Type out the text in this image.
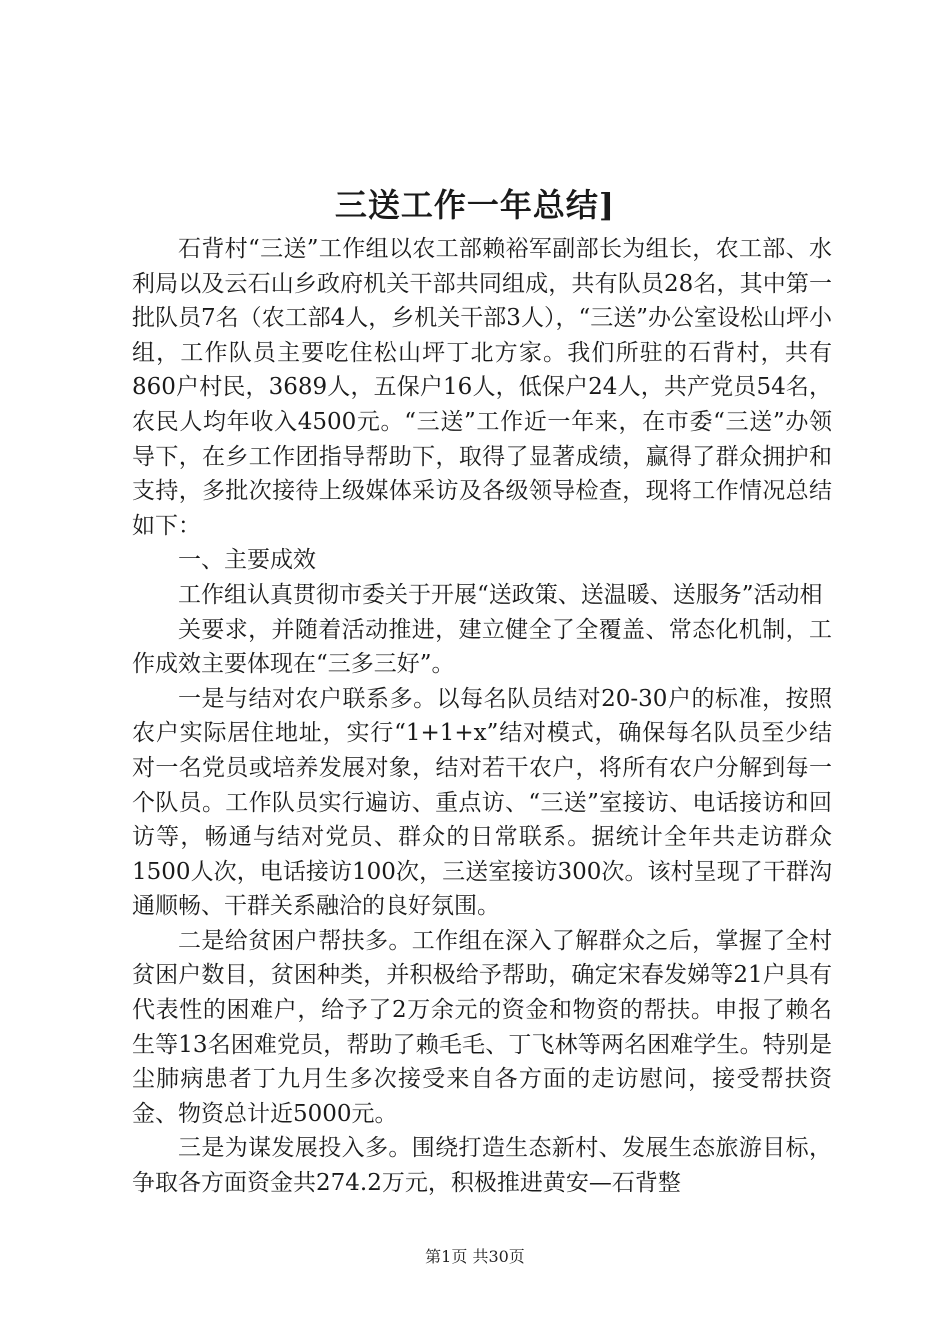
三送工作一年总结]

石背村“三送”工作组以农工部赖裕军副部长为组长，农工部、水利局以及云石山乡政府机关干部共同组成，共有队员28名，其中第一批队员7名（农工部4人，乡机关干部3人），“三送”办公室设松山坪小组，工作队员主要吃住松山坪丁北方家。我们所驻的石背村，共有860户村民，3689人，五保户16人，低保户24人，共产党员54名，农民人均年收入4500元。“三送”工作近一年来，在市委“三送”办领导下，在乡工作团指导帮助下，取得了显著成绩，赢得了群众拥护和支持，多批次接待上级媒体采访及各级领导检查，现将工作情况总结如下：

一、主要成效

工作组认真贯彻市委关于开展“送政策、送温暖、送服务”活动相

关要求，并随着活动推进，建立健全了全覆盖、常态化机制，工作成效主要体现在“三多三好”。

一是与结对农户联系多。以每名队员结对20-30户的标准，按照农户实际居住地址，实行“1+1+x”结对模式，确保每名队员至少结对一名党员或培养发展对象，结对若干农户，将所有农户分解到每一个队员。工作队员实行遍访、重点访、“三送”室接访、电话接访和回访等，畅通与结对党员、群众的日常联系。据统计全年共走访群众1500人次，电话接访100次，三送室接访300次。该村呈现了干群沟通顺畅、干群关系融洽的良好氛围。

二是给贫困户帮扶多。工作组在深入了解群众之后，掌握了全村贫困户数目，贫困种类，并积极给予帮助，确定宋春发娣等21户具有代表性的困难户，给予了2万余元的资金和物资的帮扶。申报了赖名生等13名困难党员，帮助了赖毛毛、丁飞林等两名困难学生。特别是尘肺病患者丁九月生多次接受来自各方面的走访慰问，接受帮扶资金、物资总计近5000元。

三是为谋发展投入多。围绕打造生态新村、发展生态旅游目标，争取各方面资金共274.2万元，积极推进黄安—石背整

第1页 共30页
